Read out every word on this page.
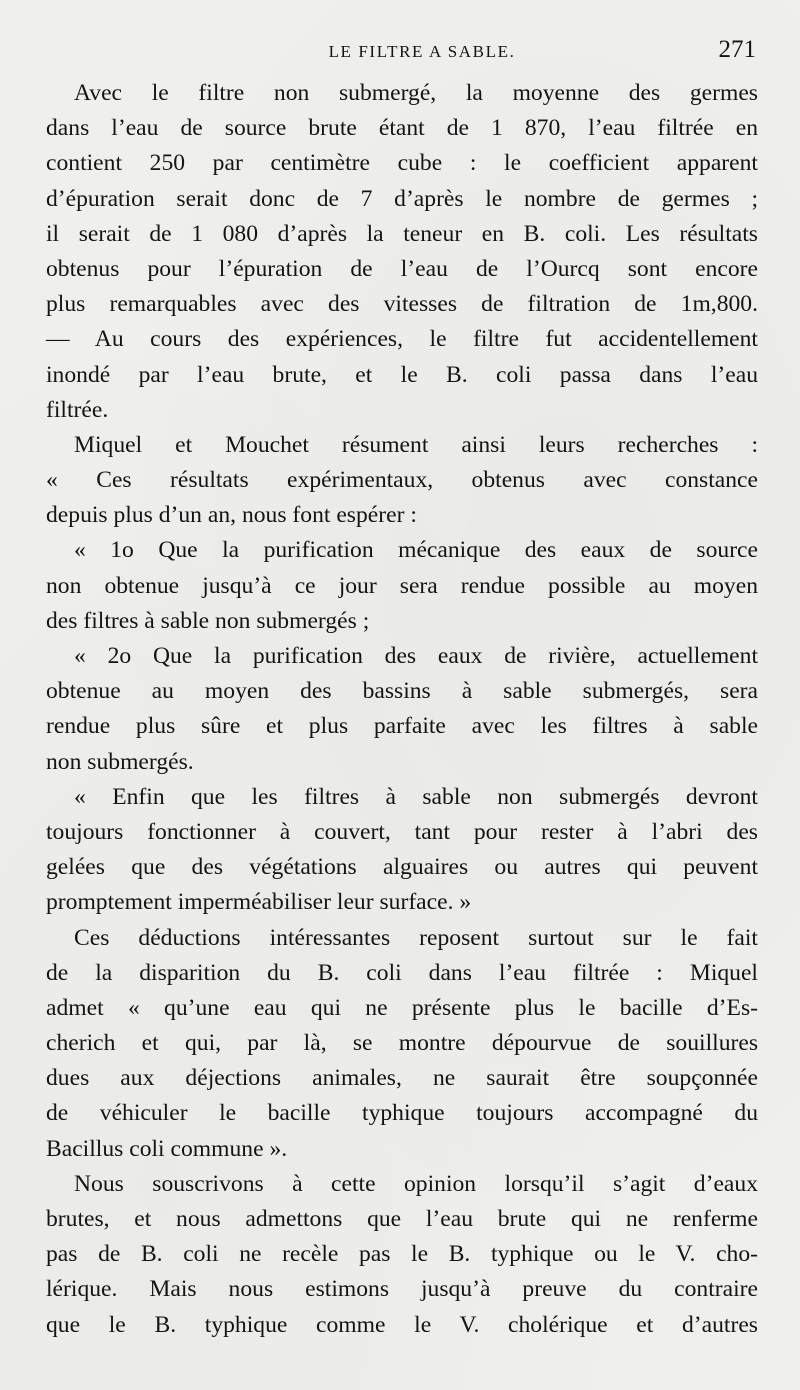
LE FILTRE A SABLE.	271
Avec le filtre non submergé, la moyenne des germes
dans l’eau de source brute étant de 1 870, l’eau filtrée en
contient 250 par centimètre cube : le coefficient apparent
d’épuration serait donc de 7 d’après le nombre de germes ;
il serait de 1 080 d’après la teneur en B. coli. Les résultats
obtenus pour l’épuration de l’eau de l’Ourcq sont encore
plus remarquables avec des vitesses de filtration de 1m,800.
— Au cours des expériences, le filtre fut accidentellement
inondé par l’eau brute, et le B. coli passa dans l’eau
filtrée.
Miquel et Mouchet résument ainsi leurs recherches :
« Ces résultats expérimentaux, obtenus avec constance
depuis plus d’un an, nous font espérer :
« 1o Que la purification mécanique des eaux de source
non obtenue jusqu’à ce jour sera rendue possible au moyen
des filtres à sable non submergés ;
« 2o Que la purification des eaux de rivière, actuellement
obtenue au moyen des bassins à sable submergés, sera
rendue plus sûre et plus parfaite avec les filtres à sable
non submergés.
« Enfin que les filtres à sable non submergés devront
toujours fonctionner à couvert, tant pour rester à l’abri des
gelées que des végétations alguaires ou autres qui peuvent
promptement imperméabiliser leur surface. »
Ces déductions intéressantes reposent surtout sur le fait
de la disparition du B. coli dans l’eau filtrée : Miquel
admet « qu’une eau qui ne présente plus le bacille d’Es-
cherich et qui, par là, se montre dépourvue de souillures
dues aux déjections animales, ne saurait être soupçonnée
de véhiculer le bacille typhique toujours accompagné du
Bacillus coli commune ».
Nous souscrivons à cette opinion lorsqu’il s’agit d’eaux
brutes, et nous admettons que l’eau brute qui ne renferme
pas de B. coli ne recèle pas le B. typhique ou le V. cho-
lérique. Mais nous estimons jusqu’à preuve du contraire
que le B. typhique comme le V. cholérique et d’autres
